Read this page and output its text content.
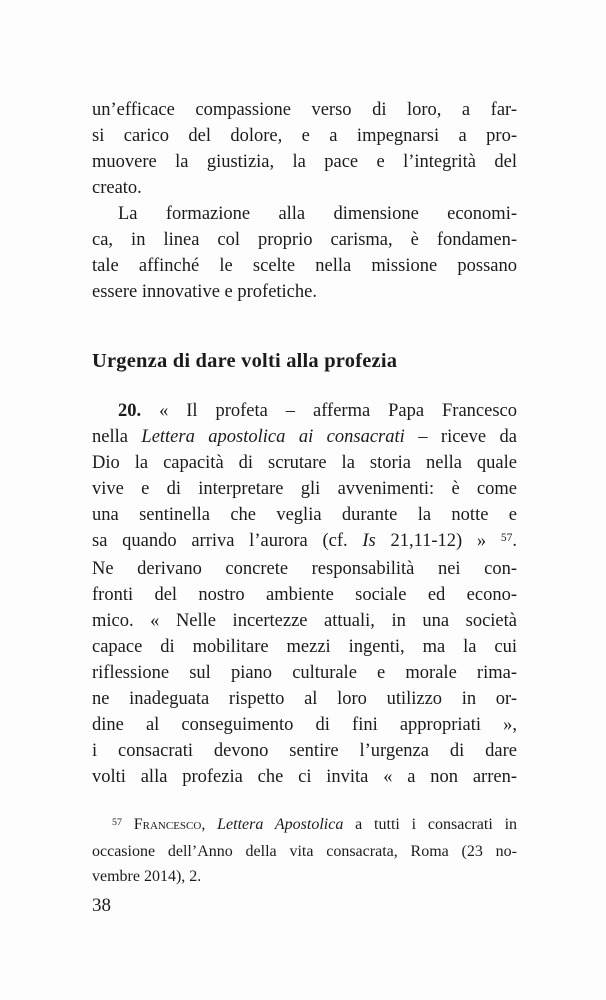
un’efficace compassione verso di loro, a far-
si carico del dolore, e a impegnarsi a pro-
muovere la giustizia, la pace e l’integrità del
creato.
La formazione alla dimensione economi-
ca, in linea col proprio carisma, è fondamen-
tale affinché le scelte nella missione possano
essere innovative e profetiche.
Urgenza di dare volti alla profezia
20. « Il profeta – afferma Papa Francesco
nella Lettera apostolica ai consacrati – riceve da
Dio la capacità di scrutare la storia nella quale
vive e di interpretare gli avvenimenti: è come
una sentinella che veglia durante la notte e
sa quando arriva l’aurora (cf. Is 21,11-12) » $^{57}$.
Ne derivano concrete responsabilità nei con-
fronti del nostro ambiente sociale ed econo-
mico. « Nelle incertezze attuali, in una società
capace di mobilitare mezzi ingenti, ma la cui
riflessione sul piano culturale e morale rima-
ne inadeguata rispetto al loro utilizzo in or-
dine al conseguimento di fini appropriati »,
i consacrati devono sentire l’urgenza di dare
volti alla profezia che ci invita « a non arren-
$^{57}$ Francesco, Lettera Apostolica a tutti i consacrati in
occasione dell’Anno della vita consacrata, Roma (23 no-
vembre 2014), 2.
38
